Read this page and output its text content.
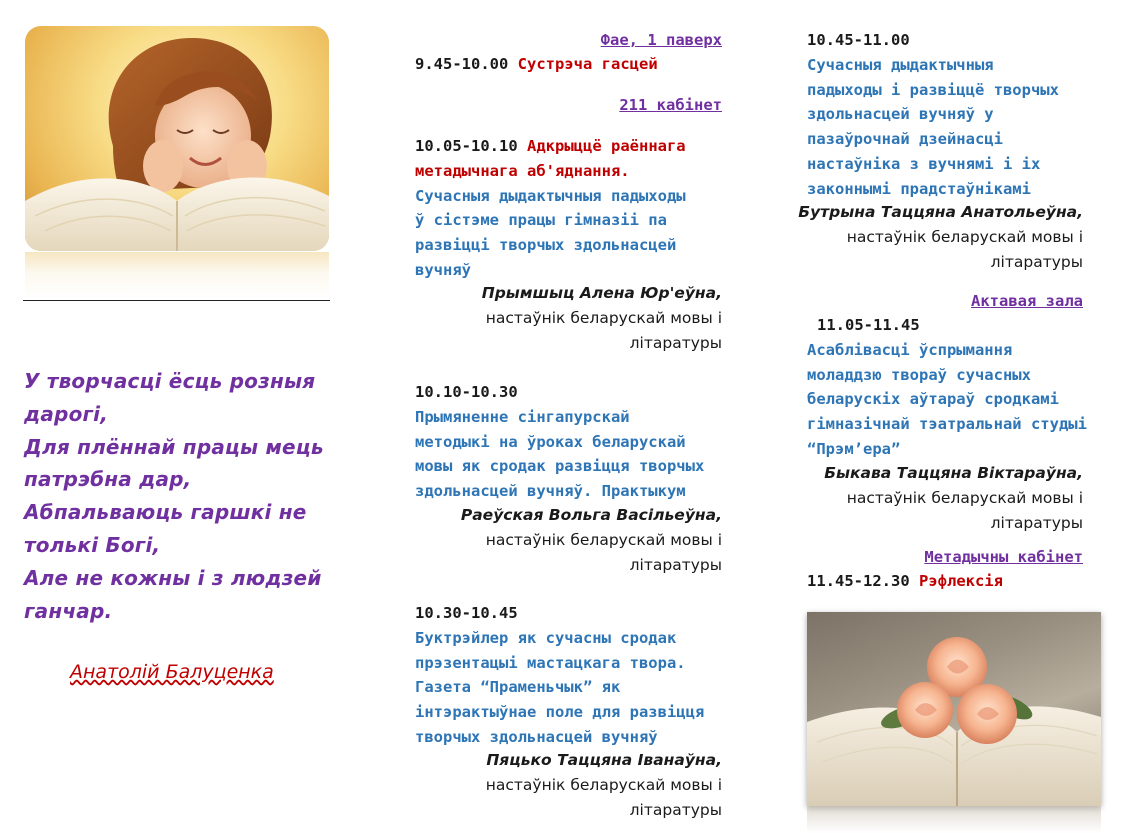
У творчасці ёсць розныя
дарогі,
Для плённай працы мець
патрэбна дар,
Абпальваюць гаршкі не
толькі Богі,
Але не кожны і з людзей
ганчар.
Анатолій Балуценка
Фае, 1 паверх
9.45-10.00 Сустрэча гасцей
211 кабінет
10.05-10.10 Адкрыццё раённага
метадычнага аб'яднання.
Сучасныя дыдактычныя падыходы
ў сістэме працы гімназіі па
развіцці творчых здольнасцей
вучняў
Прымшыц Алена Юр'еўна,
настаўнік беларускай мовы і
літаратуры
10.10-10.30
Прымяненне сінгапурскай
методыкі на ўроках беларускай
мовы як сродак развіцця творчых
здольнасцей вучняў. Практыкум
Раеўская Вольга Васільеўна,
настаўнік беларускай мовы і
літаратуры
10.30-10.45
Буктрэйлер як сучасны сродак
прэзентацыі мастацкага твора.
Газета “Праменьчык” як
інтэрактыўнае поле для развіцця
творчых здольнасцей вучняў
Пяцько Таццяна Іванаўна,
настаўнік беларускай мовы і
літаратуры
10.45-11.00
Сучасныя дыдактычныя
падыходы і развіццё творчых
здольнасцей вучняў у
пазаўрочнай дзейнасці
настаўніка з вучнямі і іх
законнымі прадстаўнікамі
Бутрына Таццяна Анатольеўна,
настаўнік беларускай мовы і
літаратуры
Актавая зала
11.05-11.45
Асаблівасці ўспрымання
моладдзю твораў сучасных
беларускіх аўтараў сродкамі
гімназічнай тэатральнай студыі
“Прэм’ера”
Быкава Таццяна Віктараўна,
настаўнік беларускай мовы і
літаратуры
Метадычны кабінет
11.45-12.30 Рэфлексія
